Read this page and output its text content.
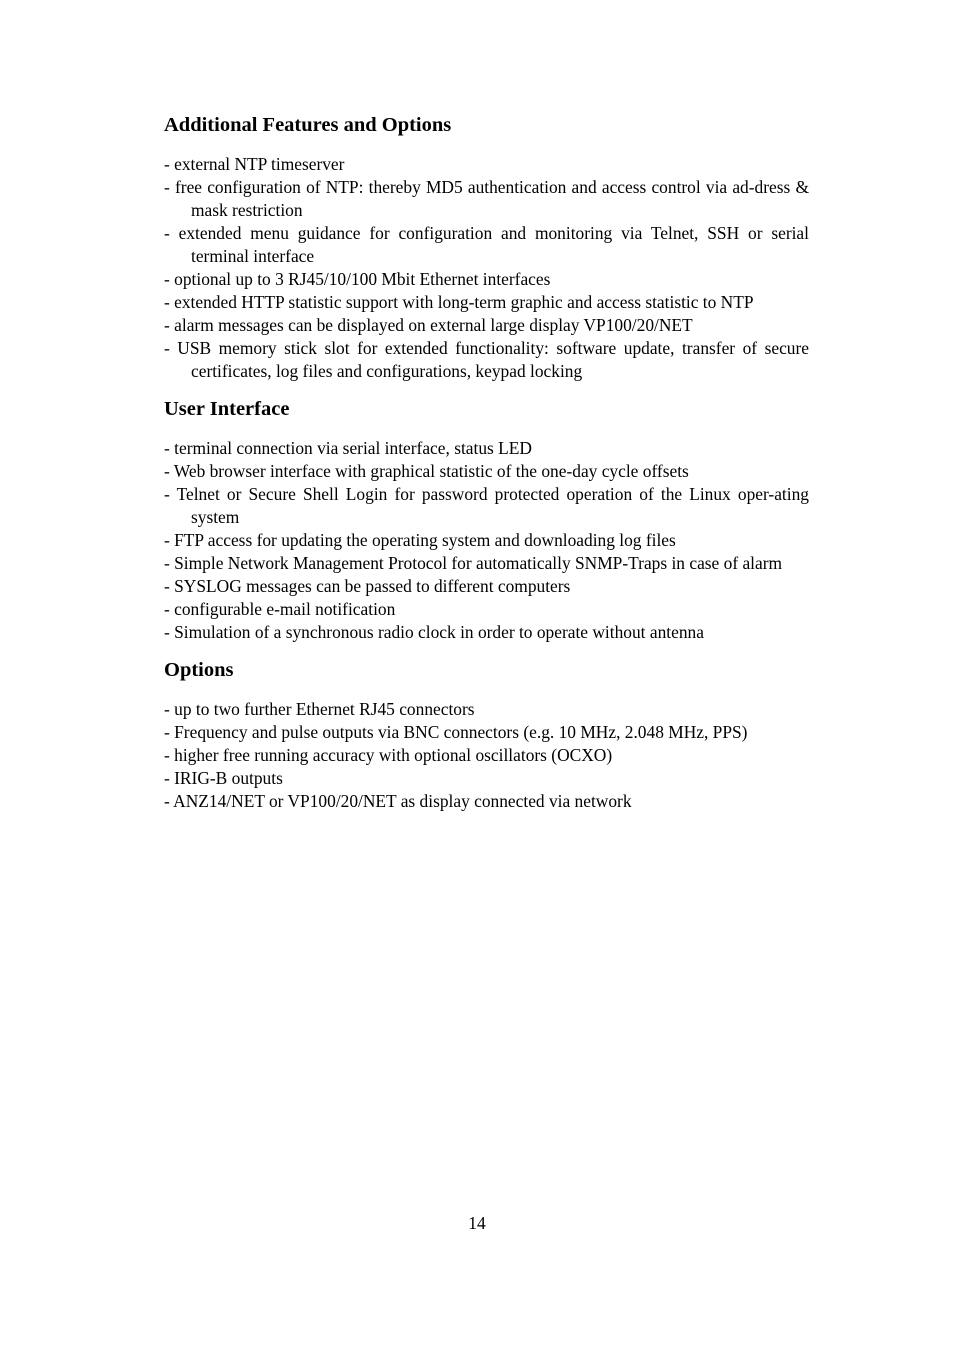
Additional Features and Options
- external NTP timeserver
- free configuration of NTP: thereby MD5 authentication and access control via ad-dress & mask restriction
- extended menu guidance for configuration and monitoring via Telnet, SSH or serial terminal interface
- optional up to 3 RJ45/10/100 Mbit Ethernet interfaces
- extended HTTP statistic support with long-term graphic and access statistic to NTP
- alarm messages can be displayed on external large display VP100/20/NET
- USB memory stick slot for extended functionality: software update, transfer of secure certificates, log files and configurations, keypad locking
User Interface
- terminal connection via serial interface, status LED
- Web browser interface with graphical statistic of the one-day cycle offsets
- Telnet or Secure Shell Login for password protected operation of the Linux oper-ating system
- FTP access for updating the operating system and downloading log files
- Simple Network Management Protocol for automatically SNMP-Traps in case of alarm
- SYSLOG messages can be passed to different computers
- configurable e-mail notification
- Simulation of a synchronous radio clock in order to operate without antenna
Options
- up to two further Ethernet RJ45 connectors
- Frequency and pulse outputs via BNC connectors (e.g. 10 MHz, 2.048 MHz, PPS)
- higher free running accuracy with optional oscillators (OCXO)
- IRIG-B outputs
- ANZ14/NET or VP100/20/NET as display connected via network
14
